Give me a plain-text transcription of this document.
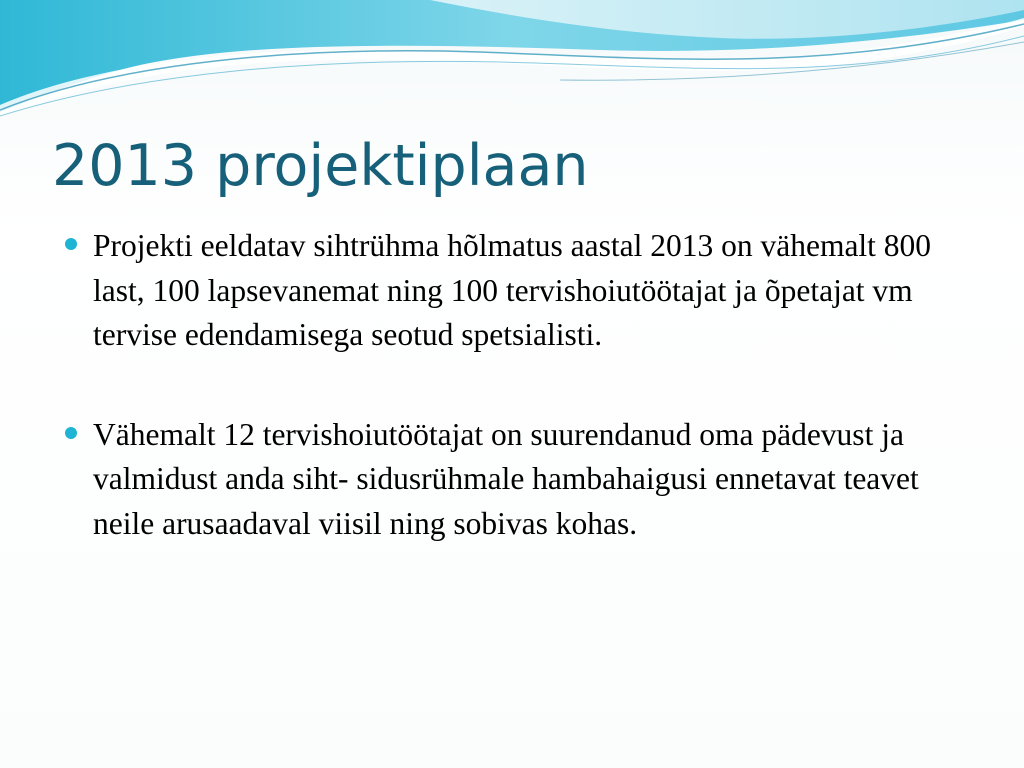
2013 projektiplaan
Projekti eeldatav sihtrühma hõlmatus aastal 2013 on vähemalt 800 last, 100 lapsevanemat ning 100 tervishoiutöötajat ja õpetajat vm tervise edendamisega seotud spetsialisti.
Vähemalt 12 tervishoiutöötajat on suurendanud oma pädevust ja valmidust anda siht- sidusrühmale hambahaigusi ennetavat teavet neile arusaadaval viisil ning sobivas kohas.
